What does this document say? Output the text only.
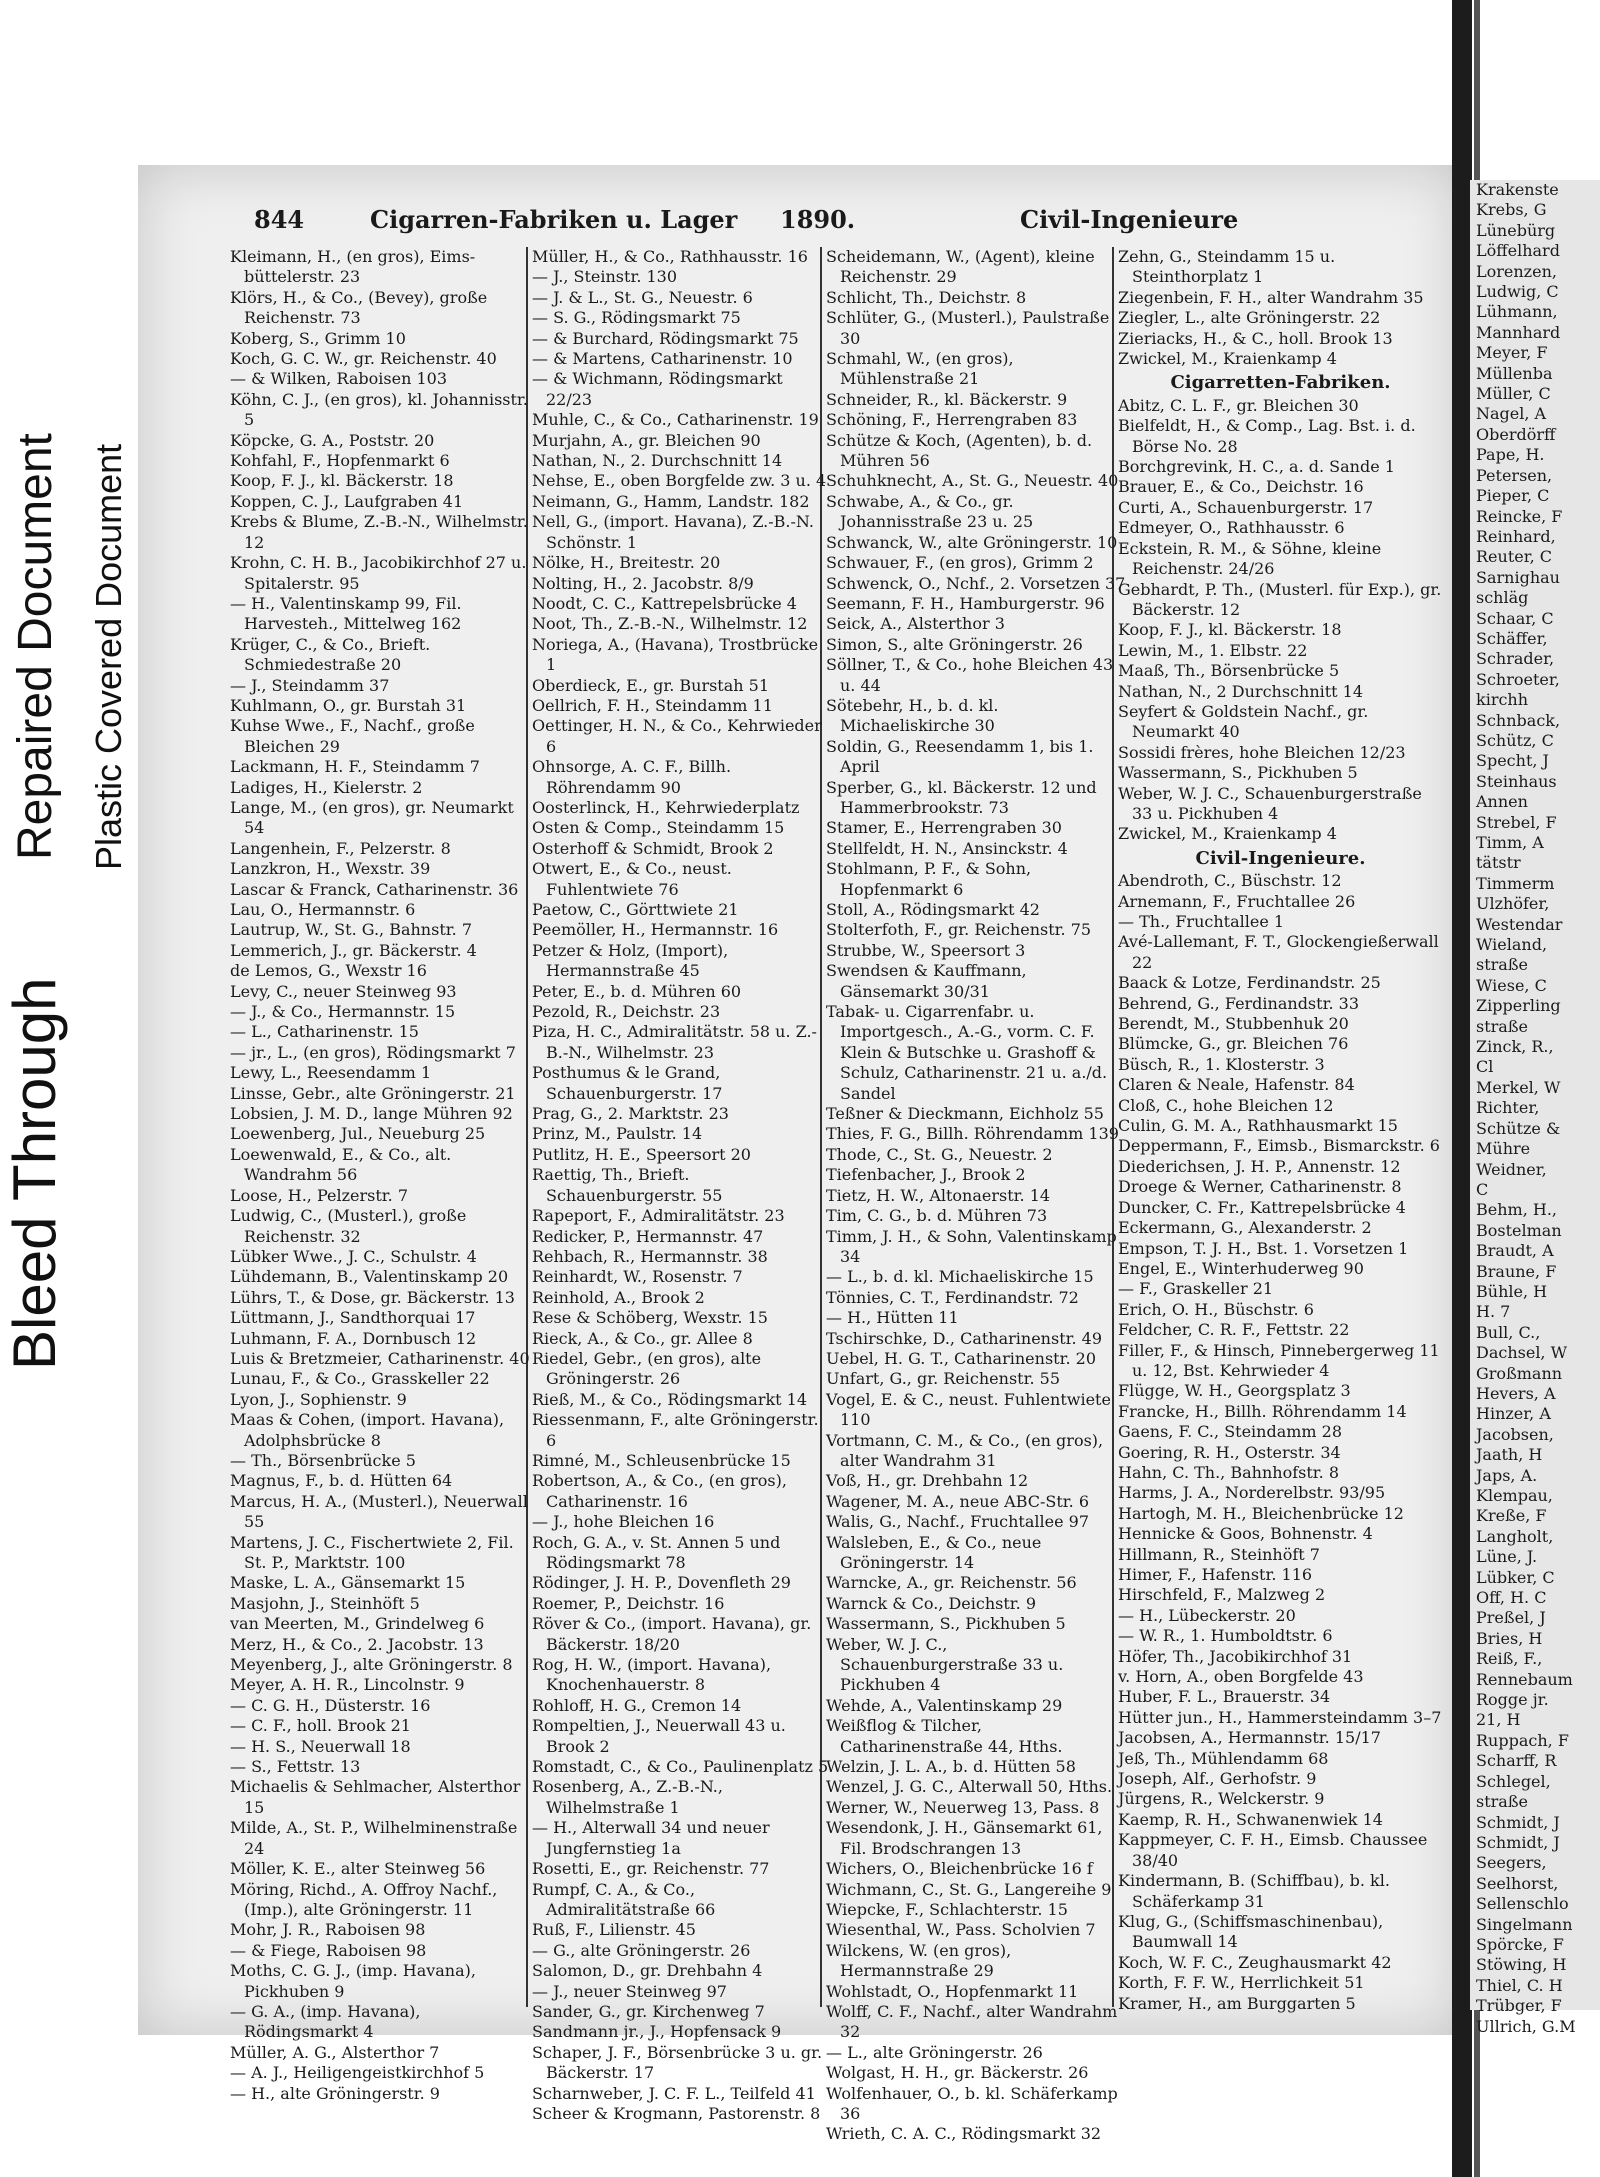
Bleed Through
Repaired Document Plastic Covered Document
844	Cigarren-Fabriken u. Lager 1890.	Civil-Ingenieure
Kleimann, H., (en gros), Eims-büttelerstr. 23
Klörs, H., & Co., (Bevey), große Reichenstr. 73
Koberg, S., Grimm 10
Koch, G. C. W., gr. Reichenstr. 40
— & Wilken, Raboisen 103
Köhn, C. J., (en gros), kl. Johannisstr. 5
Köpcke, G. A., Poststr. 20
Kohfahl, F., Hopfenmarkt 6
Koop, F. J., kl. Bäckerstr. 18
Koppen, C. J., Laufgraben 41
Krebs & Blume, Z.-B.-N., Wilhelmstr. 12
Krohn, C. H. B., Jacobikirchhof 27 u. Spitalerstr. 95
— H., Valentinskamp 99, Fil. Harvesteh., Mittelweg 162
Krüger, C., & Co., Brieft. Schmiedestraße 20
— J., Steindamm 37
Kuhlmann, O., gr. Burstah 31
Kuhse Wwe., F., Nachf., große Bleichen 29
Lackmann, H. F., Steindamm 7
Ladiges, H., Kielerstr. 2
Lange, M., (en gros), gr. Neumarkt 54
Langenhein, F., Pelzerstr. 8
Lanzkron, H., Wexstr. 39
Lascar & Franck, Catharinenstr. 36
Lau, O., Hermannstr. 6
Lautrup, W., St. G., Bahnstr. 7
Lemmerich, J., gr. Bäckerstr. 4
de Lemos, G., Wexstr 16
Levy, C., neuer Steinweg 93
— J., & Co., Hermannstr. 15
— L., Catharinenstr. 15
— jr., L., (en gros), Rödingsmarkt 7
Lewy, L., Reesendamm 1
Linsse, Gebr., alte Gröningerstr. 21
Lobsien, J. M. D., lange Mühren 92
Loewenberg, Jul., Neueburg 25
Loewenwald, E., & Co., alt. Wandrahm 56
Loose, H., Pelzerstr. 7
Ludwig, C., (Musterl.), große Reichenstr. 32
Lübker Wwe., J. C., Schulstr. 4
Lühdemann, B., Valentinskamp 20
Lührs, T., & Dose, gr. Bäckerstr. 13
Lüttmann, J., Sandthorquai 17
Luhmann, F. A., Dornbusch 12
Luis & Bretzmeier, Catharinenstr. 40
Lunau, F., & Co., Grasskeller 22
Lyon, J., Sophienstr. 9
Maas & Cohen, (import. Havana), Adolphsbrücke 8
— Th., Börsenbrücke 5
Magnus, F., b. d. Hütten 64
Marcus, H. A., (Musterl.), Neuerwall 55
Martens, J. C., Fischertwiete 2, Fil. St. P., Marktstr. 100
Maske, L. A., Gänsemarkt 15
Masjohn, J., Steinhöft 5
van Meerten, M., Grindelweg 6
Merz, H., & Co., 2. Jacobstr. 13
Meyenberg, J., alte Gröningerstr. 8
Meyer, A. H. R., Lincolnstr. 9
— C. G. H., Düsterstr. 16
— C. F., holl. Brook 21
— H. S., Neuerwall 18
— S., Fettstr. 13
Michaelis & Sehlmacher, Alsterthor 15
Milde, A., St. P., Wilhelminenstraße 24
Möller, K. E., alter Steinweg 56
Möring, Richd., A. Offroy Nachf., (Imp.), alte Gröningerstr. 11
Mohr, J. R., Raboisen 98
— & Fiege, Raboisen 98
Moths, C. G. J., (imp. Havana), Pickhuben 9
— G. A., (imp. Havana), Rödingsmarkt 4
Müller, A. G., Alsterthor 7
— A. J., Heiligengeistkirchhof 5
— H., alte Gröningerstr. 9
Müller, H., & Co., Rathhausstr. 16
— J., Steinstr. 130
— J. & L., St. G., Neuestr. 6
— S. G., Rödingsmarkt 75
— & Burchard, Rödingsmarkt 75
— & Martens, Catharinenstr. 10
— & Wichmann, Rödingsmarkt 22/23
Muhle, C., & Co., Catharinenstr. 19
Murjahn, A., gr. Bleichen 90
Nathan, N., 2. Durchschnitt 14
Nehse, E., oben Borgfelde zw. 3 u. 4
Neimann, G., Hamm, Landstr. 182
Nell, G., (import. Havana), Z.-B.-N. Schönstr. 1
Nölke, H., Breitestr. 20
Nolting, H., 2. Jacobstr. 8/9
Noodt, C. C., Kattrepelsbrücke 4
Noot, Th., Z.-B.-N., Wilhelmstr. 12
Noriega, A., (Havana), Trostbrücke 1
Oberdieck, E., gr. Burstah 51
Oellrich, F. H., Steindamm 11
Oettinger, H. N., & Co., Kehrwieder 6
Ohnsorge, A. C. F., Billh. Röhrendamm 90
Oosterlinck, H., Kehrwiederplatz
Osten & Comp., Steindamm 15
Osterhoff & Schmidt, Brook 2
Otwert, E., & Co., neust. Fuhlentwiete 76
Paetow, C., Görttwiete 21
Peemöller, H., Hermannstr. 16
Petzer & Holz, (Import), Hermannstraße 45
Peter, E., b. d. Mühren 60
Pezold, R., Deichstr. 23
Piza, H. C., Admiralitätstr. 58 u. Z.-B.-N., Wilhelmstr. 23
Posthumus & le Grand, Schauenburgerstr. 17
Prag, G., 2. Marktstr. 23
Prinz, M., Paulstr. 14
Putlitz, H. E., Speersort 20
Raettig, Th., Brieft. Schauenburgerstr. 55
Rapeport, F., Admiralitätstr. 23
Redicker, P., Hermannstr. 47
Rehbach, R., Hermannstr. 38
Reinhardt, W., Rosenstr. 7
Reinhold, A., Brook 2
Rese & Schöberg, Wexstr. 15
Rieck, A., & Co., gr. Allee 8
Riedel, Gebr., (en gros), alte Gröningerstr. 26
Rieß, M., & Co., Rödingsmarkt 14
Riessenmann, F., alte Gröningerstr. 6
Rimné, M., Schleusenbrücke 15
Robertson, A., & Co., (en gros), Catharinenstr. 16
— J., hohe Bleichen 16
Roch, G. A., v. St. Annen 5 und Rödingsmarkt 78
Rödinger, J. H. P., Dovenfleth 29
Roemer, P., Deichstr. 16
Röver & Co., (import. Havana), gr. Bäckerstr. 18/20
Rog, H. W., (import. Havana), Knochenhauerstr. 8
Rohloff, H. G., Cremon 14
Rompeltien, J., Neuerwall 43 u. Brook 2
Romstadt, C., & Co., Paulinenplatz 5
Rosenberg, A., Z.-B.-N., Wilhelmstraße 1
— H., Alterwall 34 und neuer Jungfernstieg 1a
Rosetti, E., gr. Reichenstr. 77
Rumpf, C. A., & Co., Admiralitätstraße 66
Ruß, F., Lilienstr. 45
— G., alte Gröningerstr. 26
Salomon, D., gr. Drehbahn 4
— J., neuer Steinweg 97
Sander, G., gr. Kirchenweg 7
Sandmann jr., J., Hopfensack 9
Schaper, J. F., Börsenbrücke 3 u. gr. Bäckerstr. 17
Scharnweber, J. C. F. L., Teilfeld 41
Scheer & Krogmann, Pastorenstr. 8
Scheidemann, W., (Agent), kleine Reichenstr. 29
Schlicht, Th., Deichstr. 8
Schlüter, G., (Musterl.), Paulstraße 30
Schmahl, W., (en gros), Mühlenstraße 21
Schneider, R., kl. Bäckerstr. 9
Schöning, F., Herrengraben 83
Schütze & Koch, (Agenten), b. d. Mühren 56
Schuhknecht, A., St. G., Neuestr. 40
Schwabe, A., & Co., gr. Johannisstraße 23 u. 25
Schwanck, W., alte Gröningerstr. 10
Schwauer, F., (en gros), Grimm 2
Schwenck, O., Nchf., 2. Vorsetzen 37
Seemann, F. H., Hamburgerstr. 96
Seick, A., Alsterthor 3
Simon, S., alte Gröningerstr. 26
Söllner, T., & Co., hohe Bleichen 43 u. 44
Sötebehr, H., b. d. kl. Michaeliskirche 30
Soldin, G., Reesendamm 1, bis 1. April
Sperber, G., kl. Bäckerstr. 12 und Hammerbrookstr. 73
Stamer, E., Herrengraben 30
Stellfeldt, H. N., Ansinckstr. 4
Stohlmann, P. F., & Sohn, Hopfenmarkt 6
Stoll, A., Rödingsmarkt 42
Stolterfoth, F., gr. Reichenstr. 75
Strubbe, W., Speersort 3
Swendsen & Kauffmann, Gänsemarkt 30/31
Tabak- u. Cigarrenfabr. u. Importgesch., A.-G., vorm. C. F. Klein & Butschke u. Grashoff & Schulz, Catharinenstr. 21 u. a./d. Sandel
Teßner & Dieckmann, Eichholz 55
Thies, F. G., Billh. Röhrendamm 139
Thode, C., St. G., Neuestr. 2
Tiefenbacher, J., Brook 2
Tietz, H. W., Altonaerstr. 14
Tim, C. G., b. d. Mühren 73
Timm, J. H., & Sohn, Valentinskamp 34
— L., b. d. kl. Michaeliskirche 15
Tönnies, C. T., Ferdinandstr. 72
— H., Hütten 11
Tschirschke, D., Catharinenstr. 49
Uebel, H. G. T., Catharinenstr. 20
Unfart, G., gr. Reichenstr. 55
Vogel, E. & C., neust. Fuhlentwiete 110
Vortmann, C. M., & Co., (en gros), alter Wandrahm 31
Voß, H., gr. Drehbahn 12
Wagener, M. A., neue ABC-Str. 6
Walis, G., Nachf., Fruchtallee 97
Walsleben, E., & Co., neue Gröningerstr. 14
Warncke, A., gr. Reichenstr. 56
Warnck & Co., Deichstr. 9
Wassermann, S., Pickhuben 5
Weber, W. J. C., Schauenburgerstraße 33 u. Pickhuben 4
Wehde, A., Valentinskamp 29
Weißflog & Tilcher, Catharinenstraße 44, Hths.
Welzin, J. L. A., b. d. Hütten 58
Wenzel, J. G. C., Alterwall 50, Hths.
Werner, W., Neuerweg 13, Pass. 8
Wesendonk, J. H., Gänsemarkt 61, Fil. Brodschrangen 13
Wichers, O., Bleichenbrücke 16 f
Wichmann, C., St. G., Langereihe 9
Wiepcke, F., Schlachterstr. 15
Wiesenthal, W., Pass. Scholvien 7
Wilckens, W. (en gros), Hermannstraße 29
Wohlstadt, O., Hopfenmarkt 11
Wolff, C. F., Nachf., alter Wandrahm 32
— L., alte Gröningerstr. 26
Wolgast, H. H., gr. Bäckerstr. 26
Wolfenhauer, O., b. kl. Schäferkamp 36
Wrieth, C. A. C., Rödingsmarkt 32
Zehn, G., Steindamm 15 u. Steinthorplatz 1
Ziegenbein, F. H., alter Wandrahm 35
Ziegler, L., alte Gröningerstr. 22
Zieriacks, H., & C., holl. Brook 13
Zwickel, M., Kraienkamp 4
Cigarretten-Fabriken.
Abitz, C. L. F., gr. Bleichen 30
Bielfeldt, H., & Comp., Lag. Bst. i. d. Börse No. 28
Borchgrevink, H. C., a. d. Sande 1
Brauer, E., & Co., Deichstr. 16
Curti, A., Schauenburgerstr. 17
Edmeyer, O., Rathhausstr. 6
Eckstein, R. M., & Söhne, kleine Reichenstr. 24/26
Gebhardt, P. Th., (Musterl. für Exp.), gr. Bäckerstr. 12
Koop, F. J., kl. Bäckerstr. 18
Lewin, M., 1. Elbstr. 22
Maaß, Th., Börsenbrücke 5
Nathan, N., 2 Durchschnitt 14
Seyfert & Goldstein Nachf., gr. Neumarkt 40
Sossidi frères, hohe Bleichen 12/23
Wassermann, S., Pickhuben 5
Weber, W. J. C., Schauenburgerstraße 33 u. Pickhuben 4
Zwickel, M., Kraienkamp 4
Civil-Ingenieure.
Abendroth, C., Büschstr. 12
Arnemann, F., Fruchtallee 26
— Th., Fruchtallee 1
Avé-Lallemant, F. T., Glockengießerwall 22
Baack & Lotze, Ferdinandstr. 25
Behrend, G., Ferdinandstr. 33
Berendt, M., Stubbenhuk 20
Blümcke, G., gr. Bleichen 76
Büsch, R., 1. Klosterstr. 3
Claren & Neale, Hafenstr. 84
Cloß, C., hohe Bleichen 12
Culin, G. M. A., Rathhausmarkt 15
Deppermann, F., Eimsb., Bismarckstr. 6
Diederichsen, J. H. P., Annenstr. 12
Droege & Werner, Catharinenstr. 8
Duncker, C. Fr., Kattrepelsbrücke 4
Eckermann, G., Alexanderstr. 2
Empson, T. J. H., Bst. 1. Vorsetzen 1
Engel, E., Winterhuderweg 90
— F., Graskeller 21
Erich, O. H., Büschstr. 6
Feldcher, C. R. F., Fettstr. 22
Filler, F., & Hinsch, Pinnebergerweg 11 u. 12, Bst. Kehrwieder 4
Flügge, W. H., Georgsplatz 3
Francke, H., Billh. Röhrendamm 14
Gaens, F. C., Steindamm 28
Goering, R. H., Osterstr. 34
Hahn, C. Th., Bahnhofstr. 8
Harms, J. A., Norderelbstr. 93/95
Hartogh, M. H., Bleichenbrücke 12
Hennicke & Goos, Bohnenstr. 4
Hillmann, R., Steinhöft 7
Himer, F., Hafenstr. 116
Hirschfeld, F., Malzweg 2
— H., Lübeckerstr. 20
— W. R., 1. Humboldtstr. 6
Höfer, Th., Jacobikirchhof 31
v. Horn, A., oben Borgfelde 43
Huber, F. L., Brauerstr. 34
Hütter jun., H., Hammersteindamm 3–7
Jacobsen, A., Hermannstr. 15/17
Jeß, Th., Mühlendamm 68
Joseph, Alf., Gerhofstr. 9
Jürgens, R., Welckerstr. 9
Kaemp, R. H., Schwanenwiek 14
Kappmeyer, C. F. H., Eimsb. Chaussee 38/40
Kindermann, B. (Schiffbau), b. kl. Schäferkamp 31
Klug, G., (Schiffsmaschinenbau), Baumwall 14
Koch, W. F. C., Zeughausmarkt 42
Korth, F. F. W., Herrlichkeit 51
Kramer, H., am Burggarten 5
Krakenste
Krebs, G
Lünebürg
Löffelhard
Lorenzen,
Ludwig, C
Lühmann,
Mannhard
Meyer, F
Müllenba
Müller, C
Nagel, A
Oberdörff
Pape, H.
Petersen,
Pieper, C
Reincke, F
Reinhard,
Reuter, C
Sarnighau
schläg
Schaar, C
Schäffer,
Schrader,
Schroeter,
kirchh
Schnback,
Schütz, C
Specht, J
Steinhaus
Annen
Strebel, F
Timm, A
tätstr
Timmerm
Ulzhöfer,
Westendar
Wieland,
straße
Wiese, C
Zipperling
straße
Zinck, R.,
Cl
Merkel, W
Richter,
Schütze &
Mühre
Weidner,
C
Behm, H.,
Bostelman
Braudt, A
Braune, F
Bühle, H
H. 7
Bull, C.,
Dachsel, W
Großmann
Hevers, A
Hinzer, A
Jacobsen,
Jaath, H
Japs, A.
Klempau,
Kreße, F
Langholt,
Lüne, J.
Lübker, C
Off, H. C
Preßel, J
Bries, H
Reiß, F.,
Rennebaum
Rogge jr.
21, H
Ruppach, F
Scharff, R
Schlegel,
straße
Schmidt, J
Schmidt, J
Seegers,
Seelhorst,
Sellenschlo
Singelmann
Spörcke, F
Stöwing, H
Thiel, C. H
Trübger, F
Ullrich, G.M
